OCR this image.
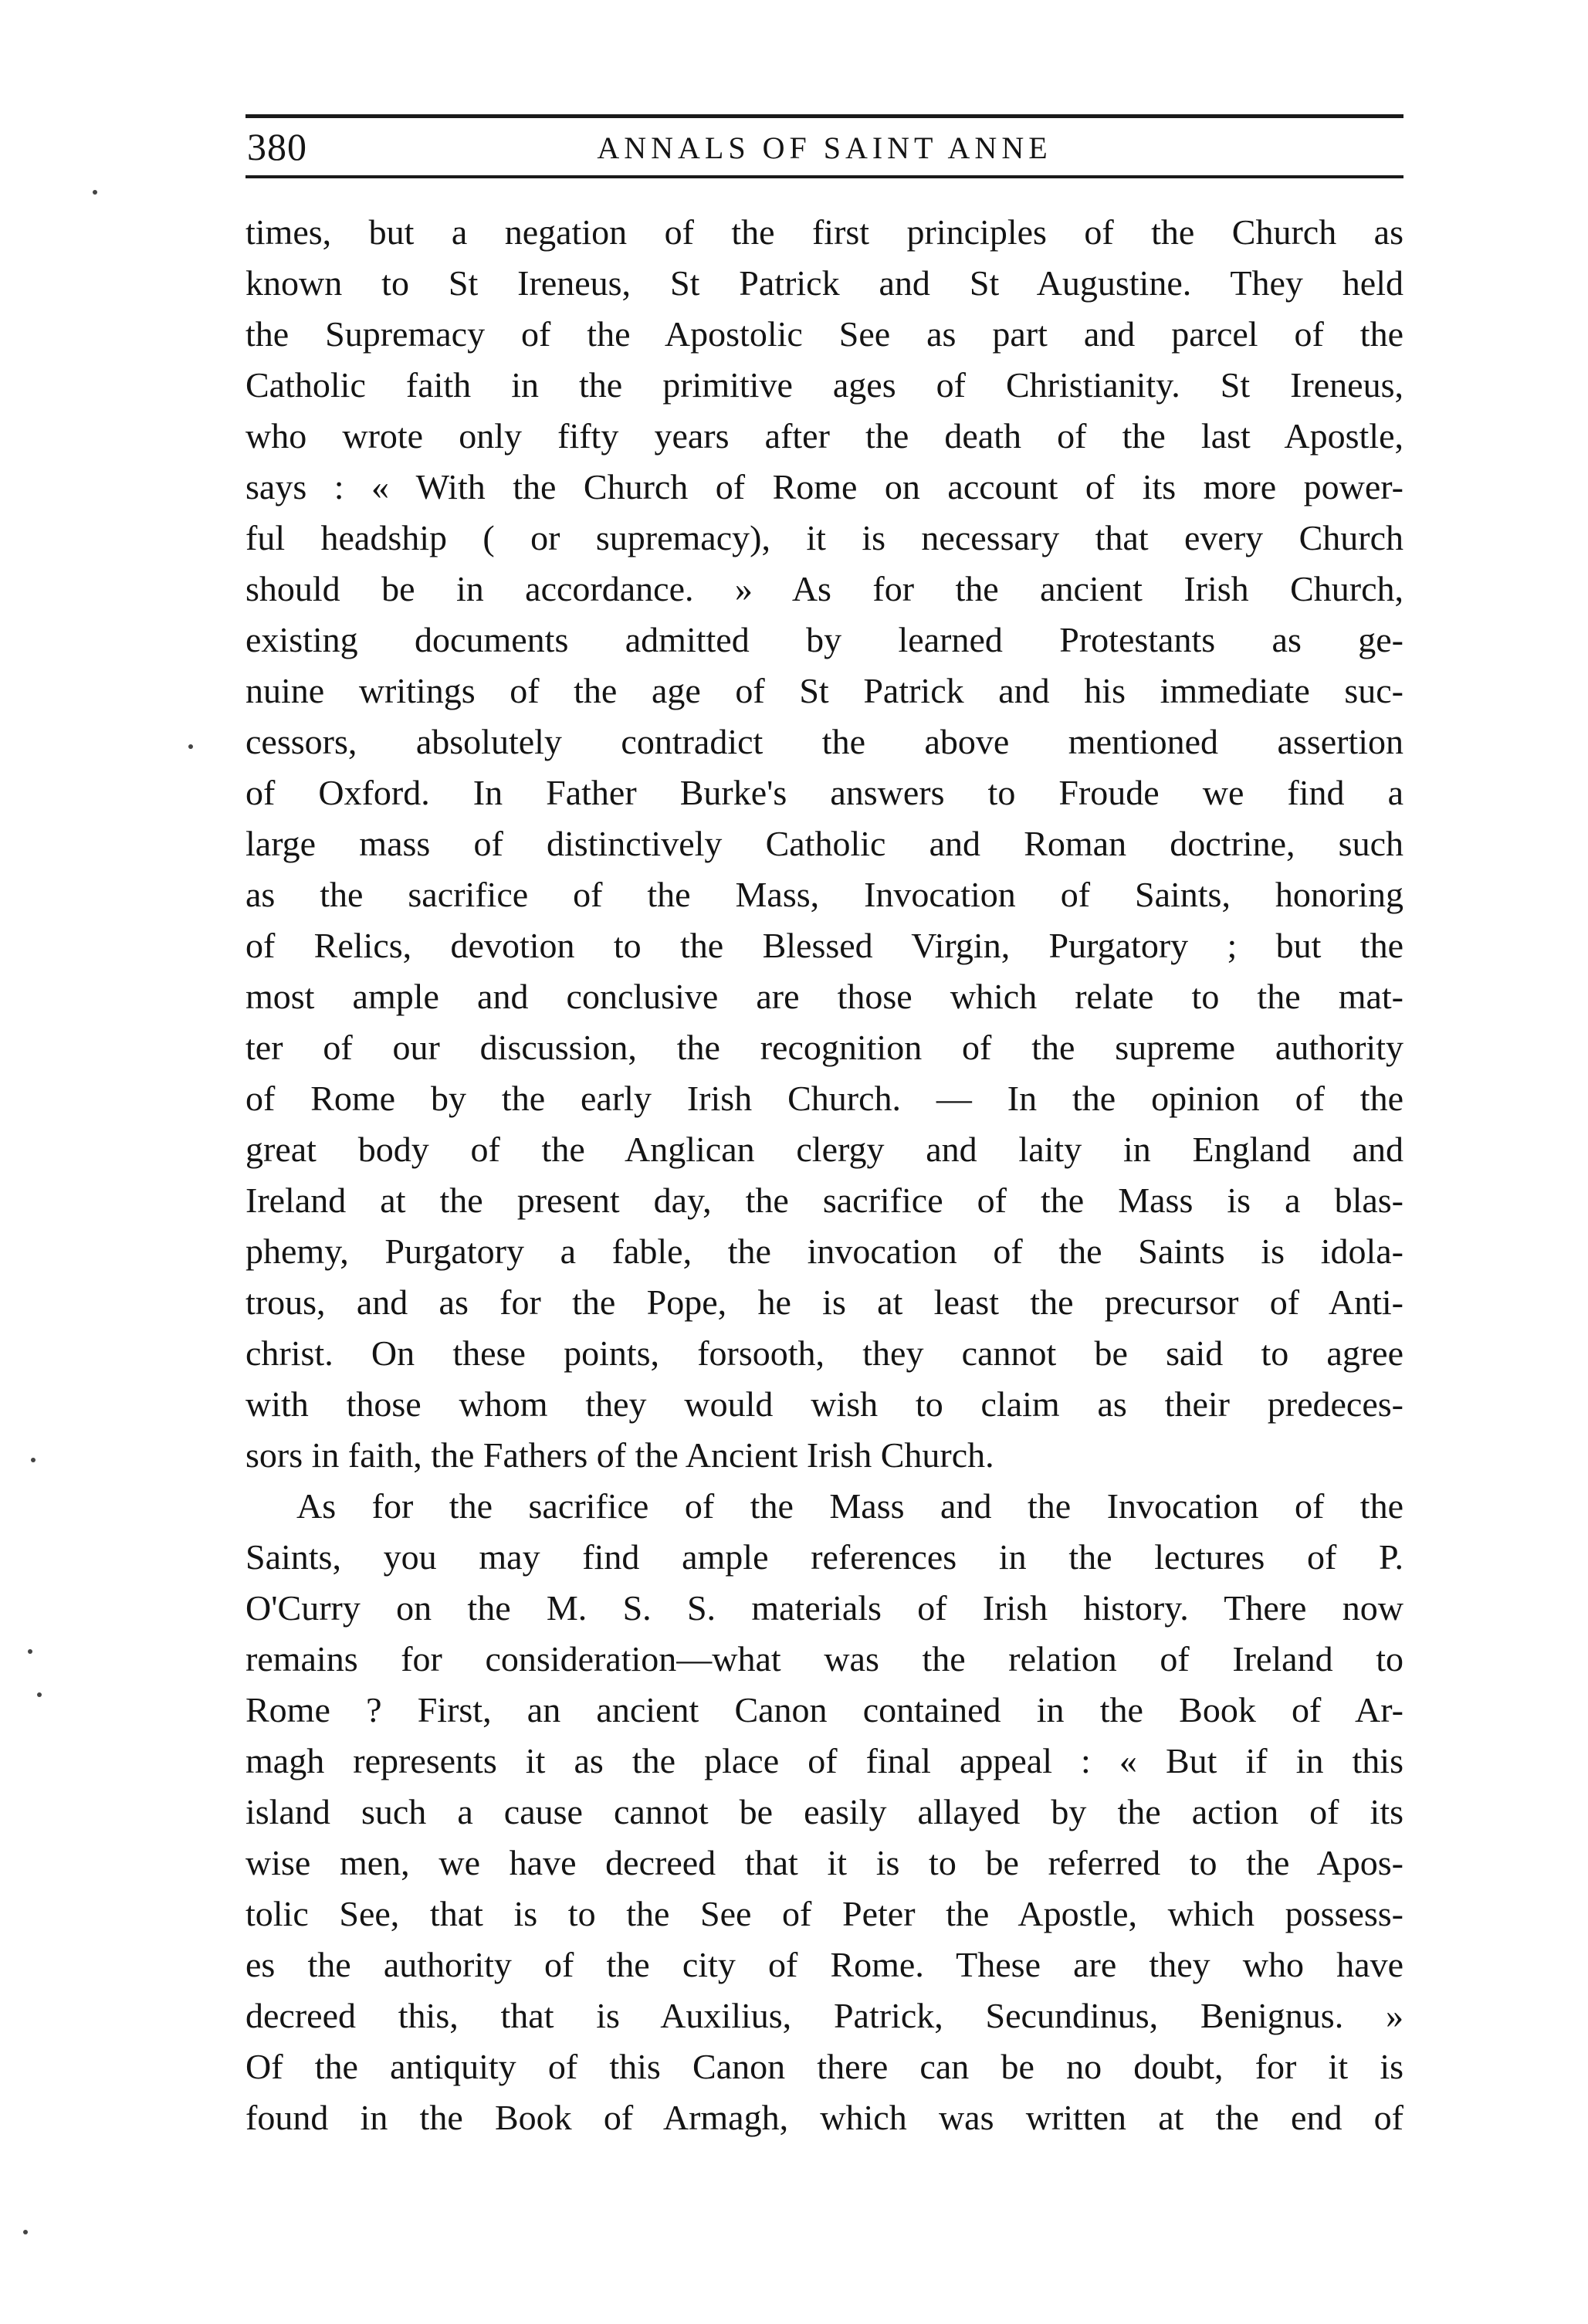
380	ANNALS OF SAINT ANNE
times, but a negation of the first principles of the Church as
known to St Ireneus, St Patrick and St Augustine. They held
the Supremacy of the Apostolic See as part and parcel of the
Catholic faith in the primitive ages of Christianity. St Ireneus,
who wrote only fifty years after the death of the last Apostle,
says : « With the Church of Rome on account of its more power-
ful headship ( or supremacy), it is necessary that every Church
should be in accordance. » As for the ancient Irish Church,
existing documents admitted by learned Protestants as ge-
nuine writings of the age of St Patrick and his immediate suc-
cessors, absolutely contradict the above mentioned assertion
of Oxford. In Father Burke's answers to Froude we find a
large mass of distinctively Catholic and Roman doctrine, such
as the sacrifice of the Mass, Invocation of Saints, honoring
of Relics, devotion to the Blessed Virgin, Purgatory ; but the
most ample and conclusive are those which relate to the mat-
ter of our discussion, the recognition of the supreme authority
of Rome by the early Irish Church. — In the opinion of the
great body of the Anglican clergy and laity in England and
Ireland at the present day, the sacrifice of the Mass is a blas-
phemy, Purgatory a fable, the invocation of the Saints is idola-
trous, and as for the Pope, he is at least the precursor of Anti-
christ. On these points, forsooth, they cannot be said to agree
with those whom they would wish to claim as their predeces-
sors in faith, the Fathers of the Ancient Irish Church.
As for the sacrifice of the Mass and the Invocation of the
Saints, you may find ample references in the lectures of P.
O'Curry on the M. S. S. materials of Irish history. There now
remains for consideration—what was the relation of Ireland to
Rome ? First, an ancient Canon contained in the Book of Ar-
magh represents it as the place of final appeal : « But if in this
island such a cause cannot be easily allayed by the action of its
wise men, we have decreed that it is to be referred to the Apos-
tolic See, that is to the See of Peter the Apostle, which possess-
es the authority of the city of Rome. These are they who have
decreed this, that is Auxilius, Patrick, Secundinus, Benignus. »
Of the antiquity of this Canon there can be no doubt, for it is
found in the Book of Armagh, which was written at the end of
